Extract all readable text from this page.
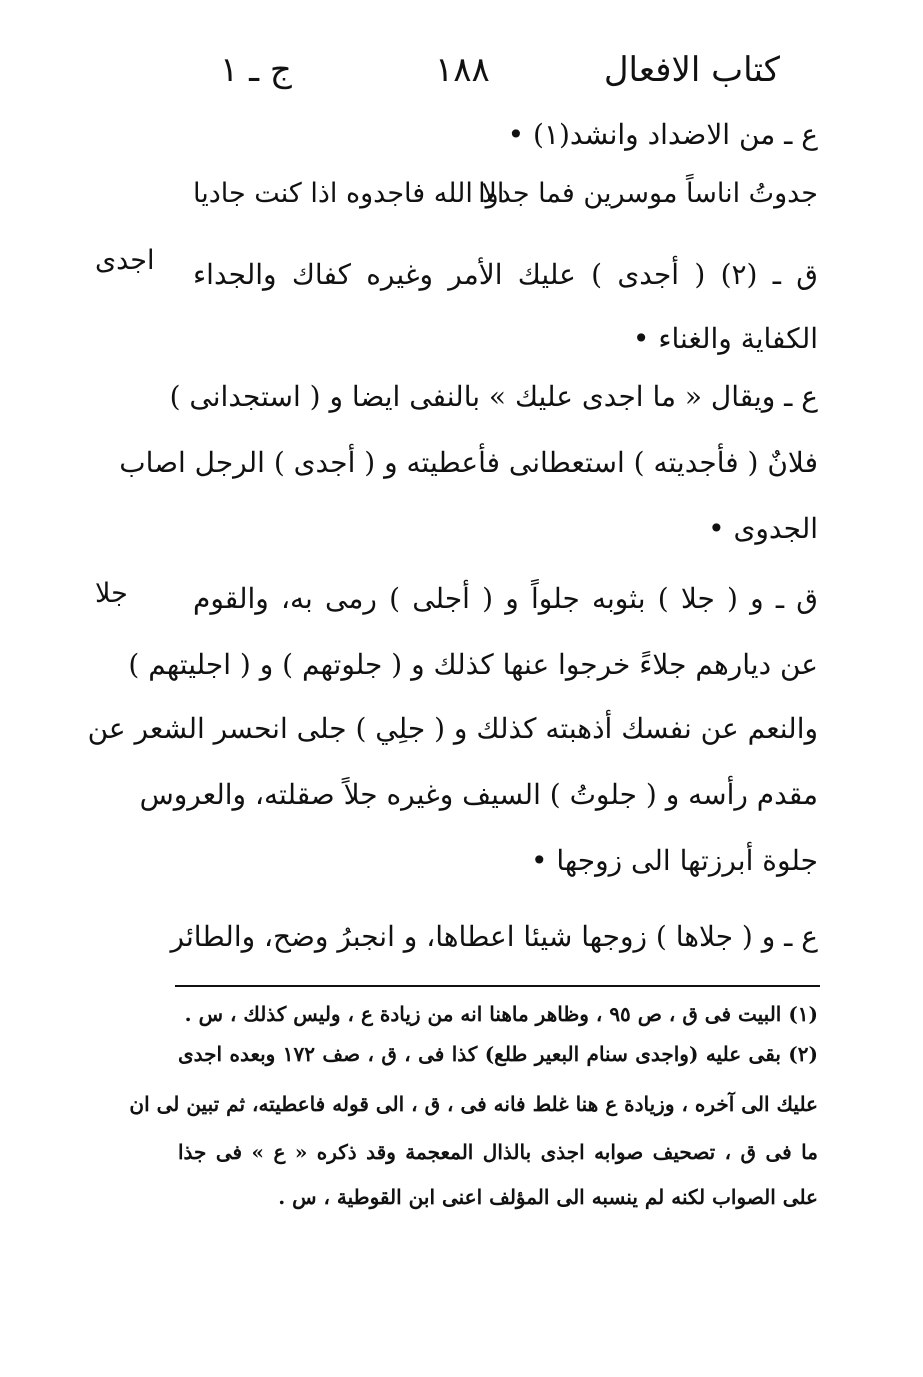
كتاب الافعال
١٨٨
ج ـ ١
ع ـ من الاضداد وانشد(١) •
جدوتُ اناساً موسرين فما جدوا
الا الله فاجدوه اذا كنت جاديا
اجدى ق ـ (٢) ( أجدى ) عليك الأمر وغيره كفاك والجداء
الكفاية والغناء •
ع ـ ويقال « ما اجدى عليك » بالنفى ايضا و ( استجدانى )
فلانٌ ( فأجديته ) استعطانى فأعطيته و ( أجدى ) الرجل اصاب
الجدوى •
جلا ق ـ و ( جلا ) بثوبه جلواً و ( أجلى ) رمى به، والقوم
عن ديارهم جلاءً خرجوا عنها كذلك و ( جلوتهم ) و ( اجليتهم )
والنعم عن نفسك أذهبته كذلك و ( جلِي ) جلى انحسر الشعر عن
مقدم رأسه و ( جلوتُ ) السيف وغيره جلاً صقلته، والعروس
جلوة أبرزتها الى زوجها •
ع ـ و ( جلاها ) زوجها شيئا اعطاها، و انجبرُ وضح، والطائر
(١) البيت فى ق ، ص ٩٥ ، وظاهر ماهنا انه من زيادة ع ، وليس كذلك ، س .
(٢) بقى عليه (واجدى سنام البعير طلع) كذا فى ، ق ، صف ١٧٢ وبعده اجدى
عليك الى آخره ، وزيادة ع هنا غلط فانه فى ، ق ، الى قوله فاعطيته، ثم تبين لى ان
ما فى ق ، تصحيف صوابه اجذى بالذال المعجمة وقد ذكره « ع » فى جذا
على الصواب لكنه لم ينسبه الى المؤلف اعنى ابن القوطية ، س .
